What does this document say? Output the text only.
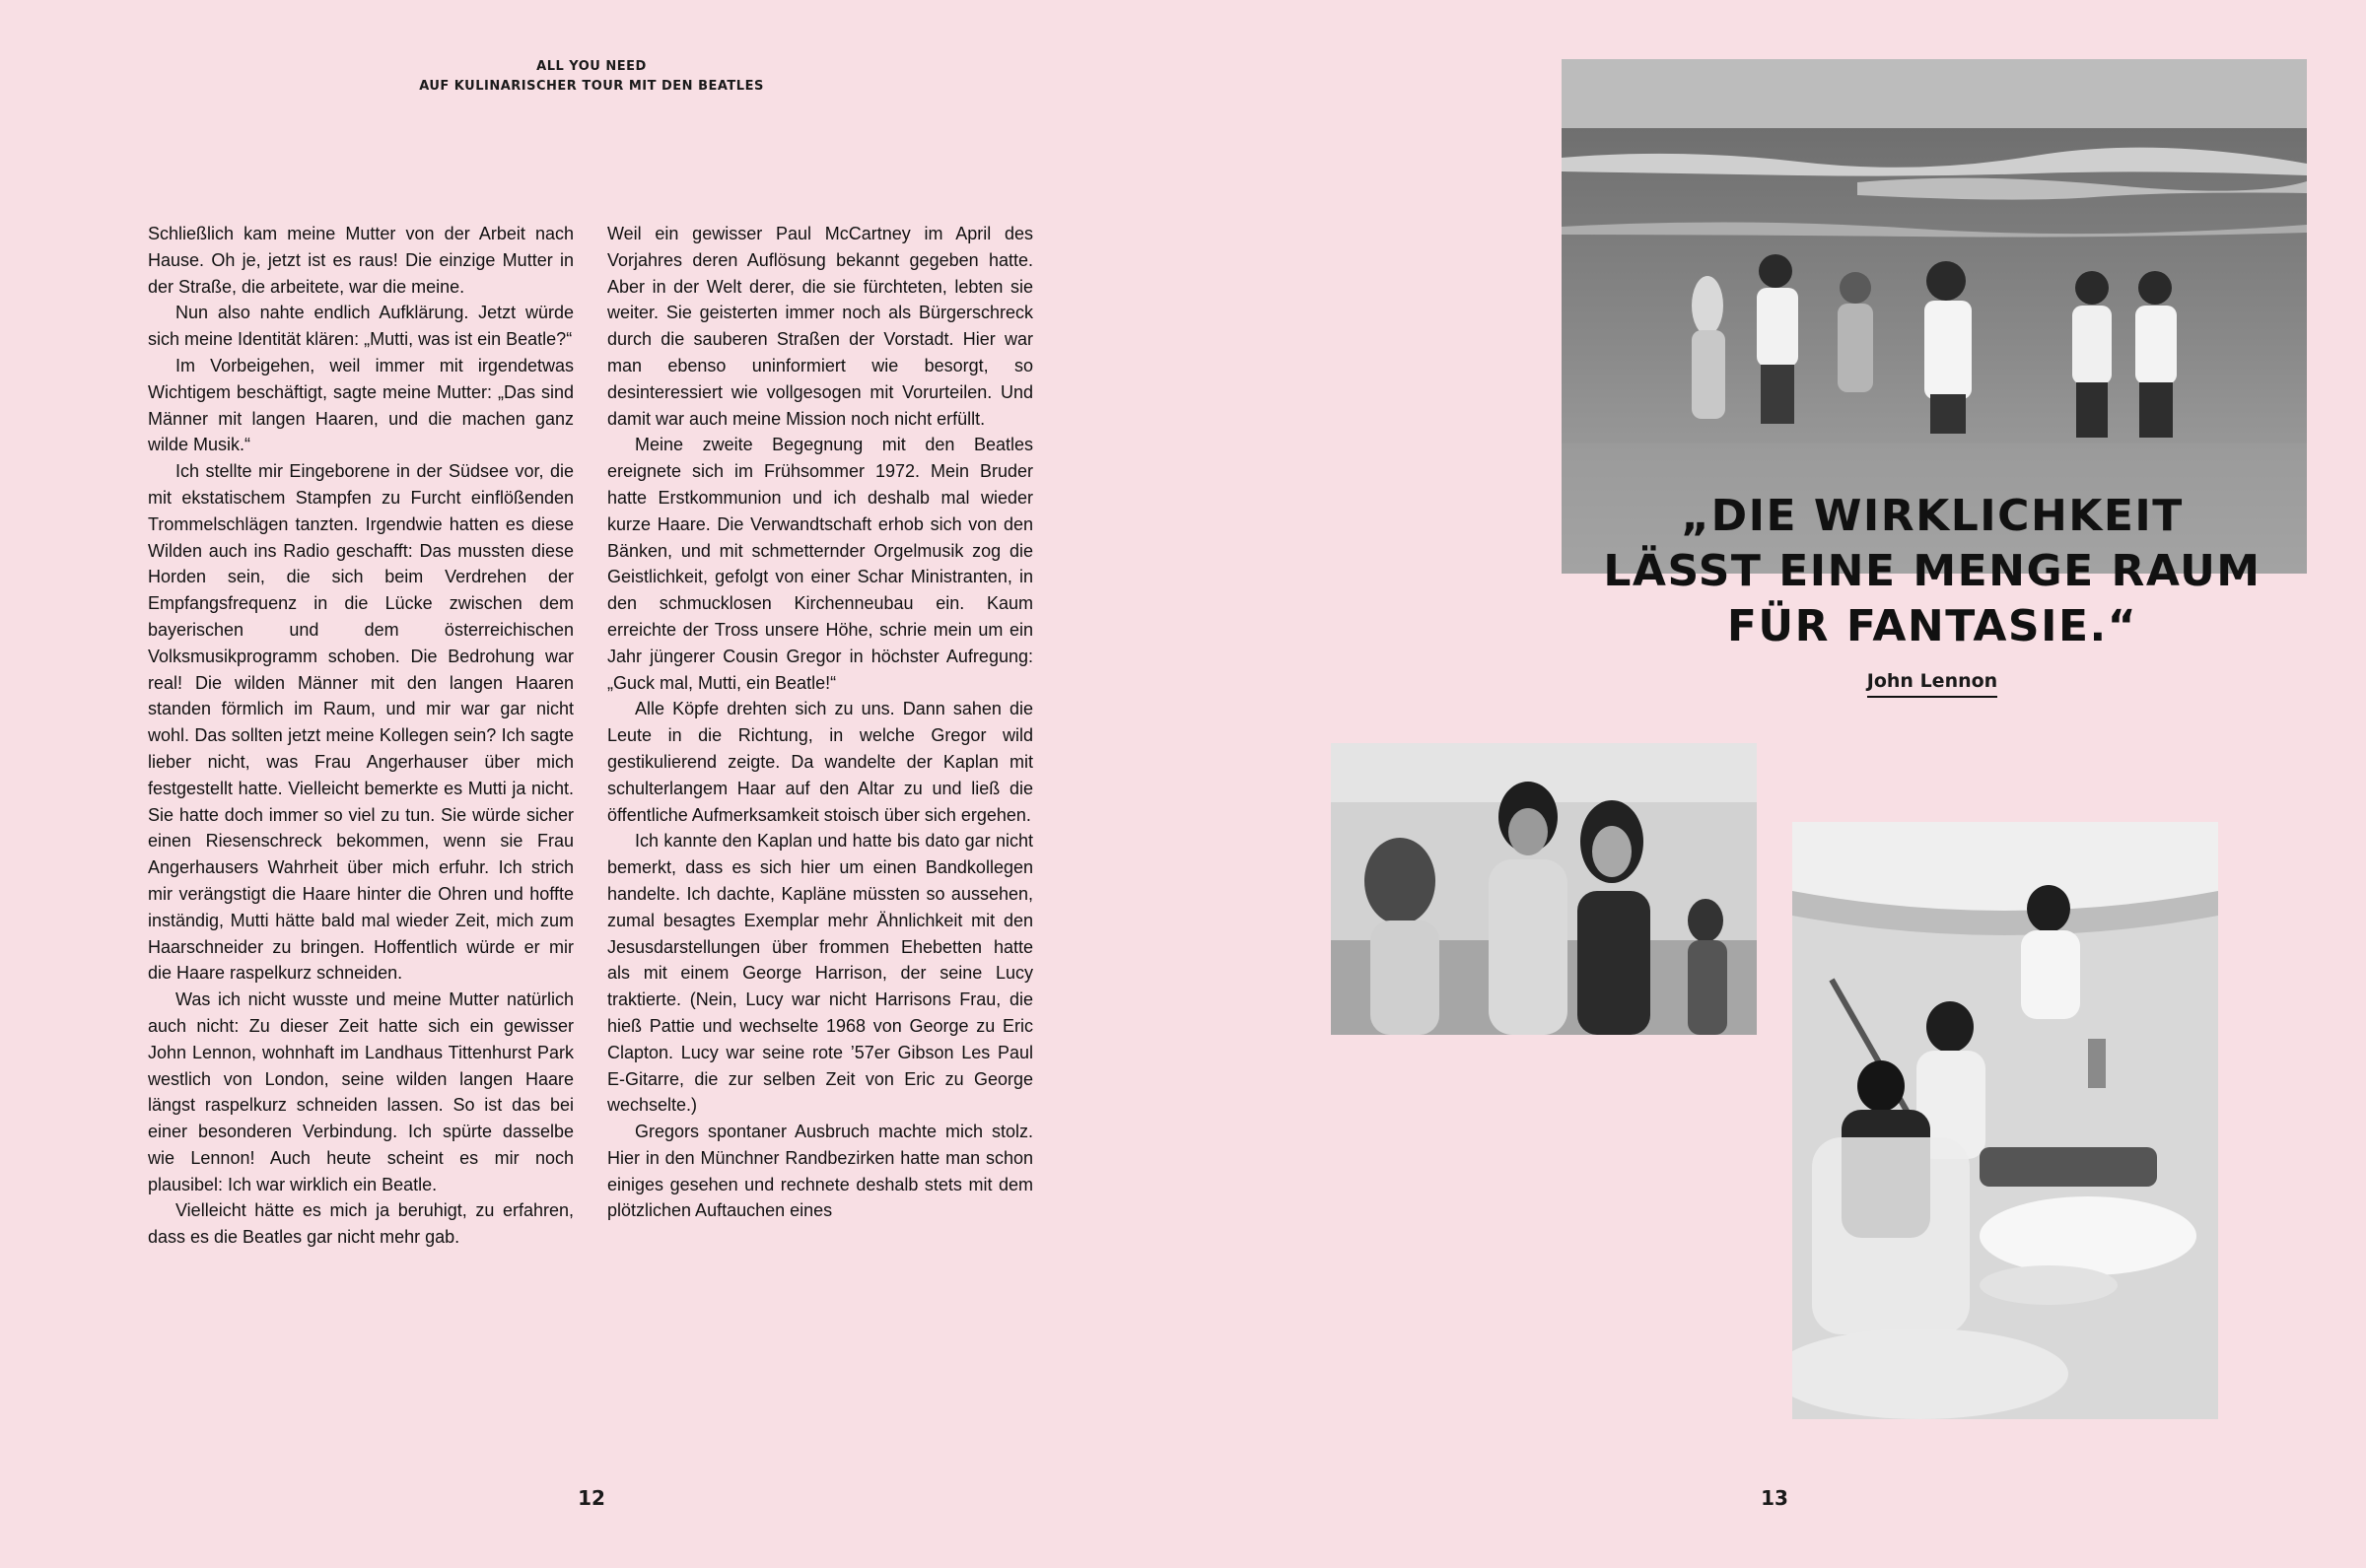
ALL YOU NEED
AUF KULINARISCHER TOUR MIT DEN BEATLES

Schließlich kam meine Mutter von der Arbeit nach Hause. Oh je, jetzt ist es raus! Die einzige Mutter in der Straße, die arbeitete, war die meine.

Nun also nahte endlich Aufklärung. Jetzt würde sich meine Identität klären: „Mutti, was ist ein Beatle?“

Im Vorbeigehen, weil immer mit irgendetwas Wichtigem beschäftigt, sagte meine Mutter: „Das sind Männer mit langen Haaren, und die machen ganz wilde Musik.“

Ich stellte mir Eingeborene in der Südsee vor, die mit ekstatischem Stampfen zu Furcht einflößenden Trommelschlägen tanzten. Irgendwie hatten es diese Wilden auch ins Radio geschafft: Das mussten diese Horden sein, die sich beim Verdrehen der Empfangsfrequenz in die Lücke zwischen dem bayerischen und dem österreichischen Volksmusikprogramm schoben. Die Bedrohung war real! Die wilden Männer mit den langen Haaren standen förmlich im Raum, und mir war gar nicht wohl. Das sollten jetzt meine Kollegen sein? Ich sagte lieber nicht, was Frau Angerhauser über mich festgestellt hatte. Vielleicht bemerkte es Mutti ja nicht. Sie hatte doch immer so viel zu tun. Sie würde sicher einen Riesenschreck bekommen, wenn sie Frau Angerhausers Wahrheit über mich erfuhr. Ich strich mir verängstigt die Haare hinter die Ohren und hoffte inständig, Mutti hätte bald mal wieder Zeit, mich zum Haarschneider zu bringen. Hoffentlich würde er mir die Haare raspelkurz schneiden.

Was ich nicht wusste und meine Mutter natürlich auch nicht: Zu dieser Zeit hatte sich ein gewisser John Lennon, wohnhaft im Landhaus Tittenhurst Park westlich von London, seine wilden langen Haare längst raspelkurz schneiden lassen. So ist das bei einer besonderen Verbindung. Ich spürte dasselbe wie Lennon! Auch heute scheint es mir noch plausibel: Ich war wirklich ein Beatle.

Vielleicht hätte es mich ja beruhigt, zu erfahren, dass es die Beatles gar nicht mehr gab.

Weil ein gewisser Paul McCartney im April des Vorjahres deren Auflösung bekannt gegeben hatte. Aber in der Welt derer, die sie fürchteten, lebten sie weiter. Sie geisterten immer noch als Bürgerschreck durch die sauberen Straßen der Vorstadt. Hier war man ebenso uninformiert wie besorgt, so desinteressiert wie vollgesogen mit Vorurteilen. Und damit war auch meine Mission noch nicht erfüllt.

Meine zweite Begegnung mit den Beatles ereignete sich im Frühsommer 1972. Mein Bruder hatte Erstkommunion und ich deshalb mal wieder kurze Haare. Die Verwandtschaft erhob sich von den Bänken, und mit schmetternder Orgelmusik zog die Geistlichkeit, gefolgt von einer Schar Ministranten, in den schmucklosen Kirchenneubau ein. Kaum erreichte der Tross unsere Höhe, schrie mein um ein Jahr jüngerer Cousin Gregor in höchster Aufregung: „Guck mal, Mutti, ein Beatle!“

Alle Köpfe drehten sich zu uns. Dann sahen die Leute in die Richtung, in welche Gregor wild gestikulierend zeigte. Da wandelte der Kaplan mit schulterlangem Haar auf den Altar zu und ließ die öffentliche Aufmerksamkeit stoisch über sich ergehen.

Ich kannte den Kaplan und hatte bis dato gar nicht bemerkt, dass es sich hier um einen Bandkollegen handelte. Ich dachte, Kapläne müssten so aussehen, zumal besagtes Exemplar mehr Ähnlichkeit mit den Jesusdarstellungen über frommen Ehebetten hatte als mit einem George Harrison, der seine Lucy traktierte. (Nein, Lucy war nicht Harrisons Frau, die hieß Pattie und wechselte 1968 von George zu Eric Clapton. Lucy war seine rote ’57er Gibson Les Paul E-Gitarre, die zur selben Zeit von Eric zu George wechselte.)

Gregors spontaner Ausbruch machte mich stolz. Hier in den Münchner Randbezirken hatte man schon einiges gesehen und rechnete deshalb stets mit dem plötzlichen Auftauchen eines

12	13
„DIE WIRKLICHKEIT
LÄSST EINE MENGE RAUM
FÜR FANTASIE.“
John Lennon
